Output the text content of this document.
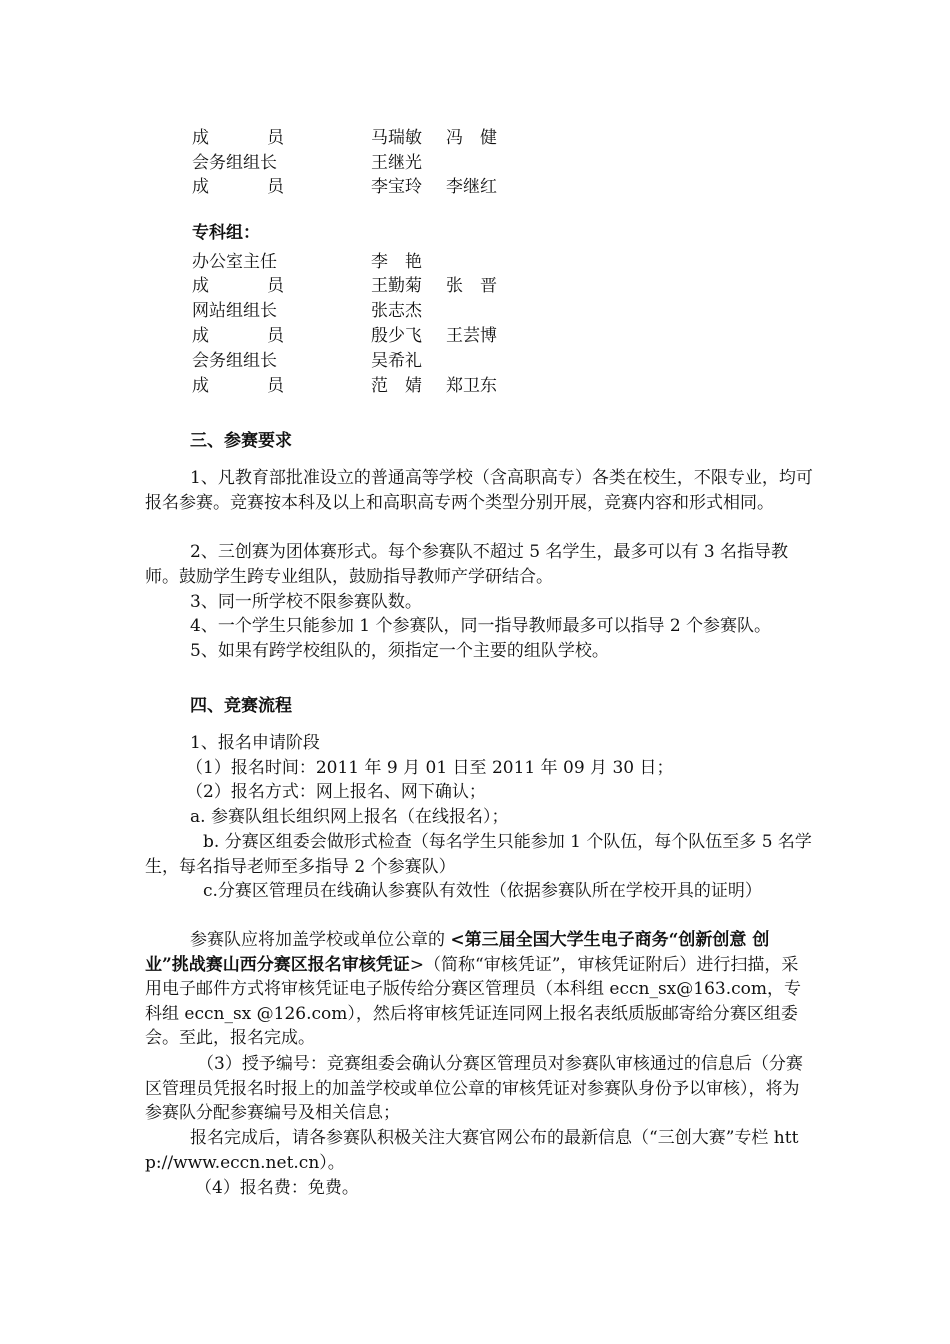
成	员	马瑞敏 冯　健
会务组组长	王继光
成	员	李宝玲 李继红
专科组：
办公室主任	李　艳
成	员	王勤菊 张　晋
网站组组长	张志杰
成	员	殷少飞 王芸博
会务组组长	吴希礼
成	员	范　婧 郑卫东
三、参赛要求
1、凡教育部批准设立的普通高等学校（含高职高专）各类在校生，不限专业，均可报名参赛。竞赛按本科及以上和高职高专两个类型分别开展，竞赛内容和形式相同。
2、三创赛为团体赛形式。每个参赛队不超过 5 名学生，最多可以有 3 名指导教师。鼓励学生跨专业组队，鼓励指导教师产学研结合。
3、同一所学校不限参赛队数。
4、一个学生只能参加 1 个参赛队，同一指导教师最多可以指导 2 个参赛队。
5、如果有跨学校组队的，须指定一个主要的组队学校。
四、竞赛流程
1、报名申请阶段
（1）报名时间：2011 年 9 月 01 日至 2011 年 09 月 30 日；
（2）报名方式：网上报名、网下确认；
a. 参赛队组长组织网上报名（在线报名）；
b. 分赛区组委会做形式检查（每名学生只能参加 1 个队伍，每个队伍至多 5 名学生，每名指导老师至多指导 2 个参赛队）
c.分赛区管理员在线确认参赛队有效性（依据参赛队所在学校开具的证明）
参赛队应将加盖学校或单位公章的 <第三届全国大学生电子商务“创新创意 创业”挑战赛山西分赛区报名审核凭证>（简称“审核凭证”，审核凭证附后）进行扫描，采用电子邮件方式将审核凭证电子版传给分赛区管理员（本科组 eccn_sx@163.com，专科组 eccn_sx @126.com），然后将审核凭证连同网上报名表纸质版邮寄给分赛区组委会。至此，报名完成。
（3）授予编号：竞赛组委会确认分赛区管理员对参赛队审核通过的信息后（分赛区管理员凭报名时报上的加盖学校或单位公章的审核凭证对参赛队身份予以审核），将为参赛队分配参赛编号及相关信息；
报名完成后，请各参赛队积极关注大赛官网公布的最新信息（“三创大赛”专栏 http://www.eccn.net.cn）。
（4）报名费：免费。
